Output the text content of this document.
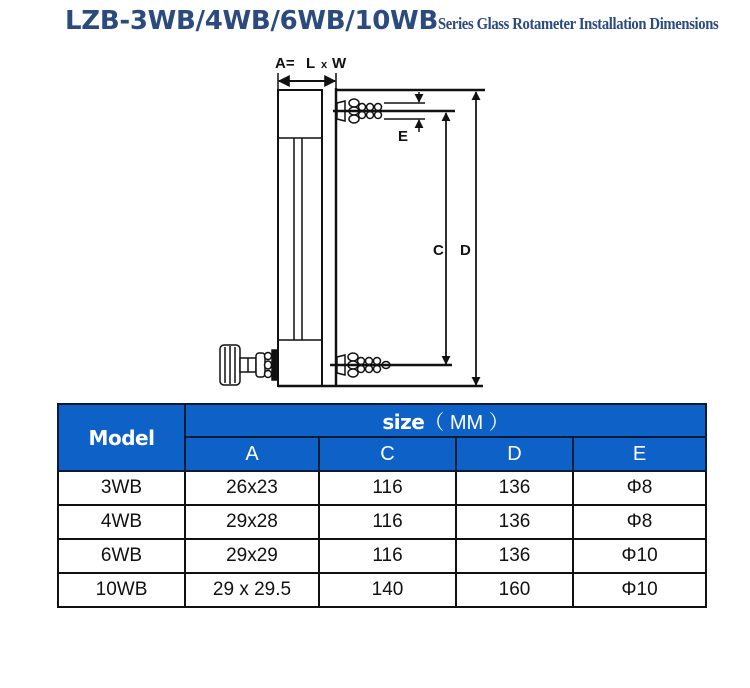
LZB-3WB/4WB/6WB/10WBSeries Glass Rotameter Installation Dimensions
A= L x W
E
C D
Model	size（ MM ）			
	A	C	D	E
3WB	26x23	116	136	Φ8
4WB	29x28	116	136	Φ8
6WB	29x29	116	136	Φ10
10WB	29 x 29.5	140	160	Φ10
